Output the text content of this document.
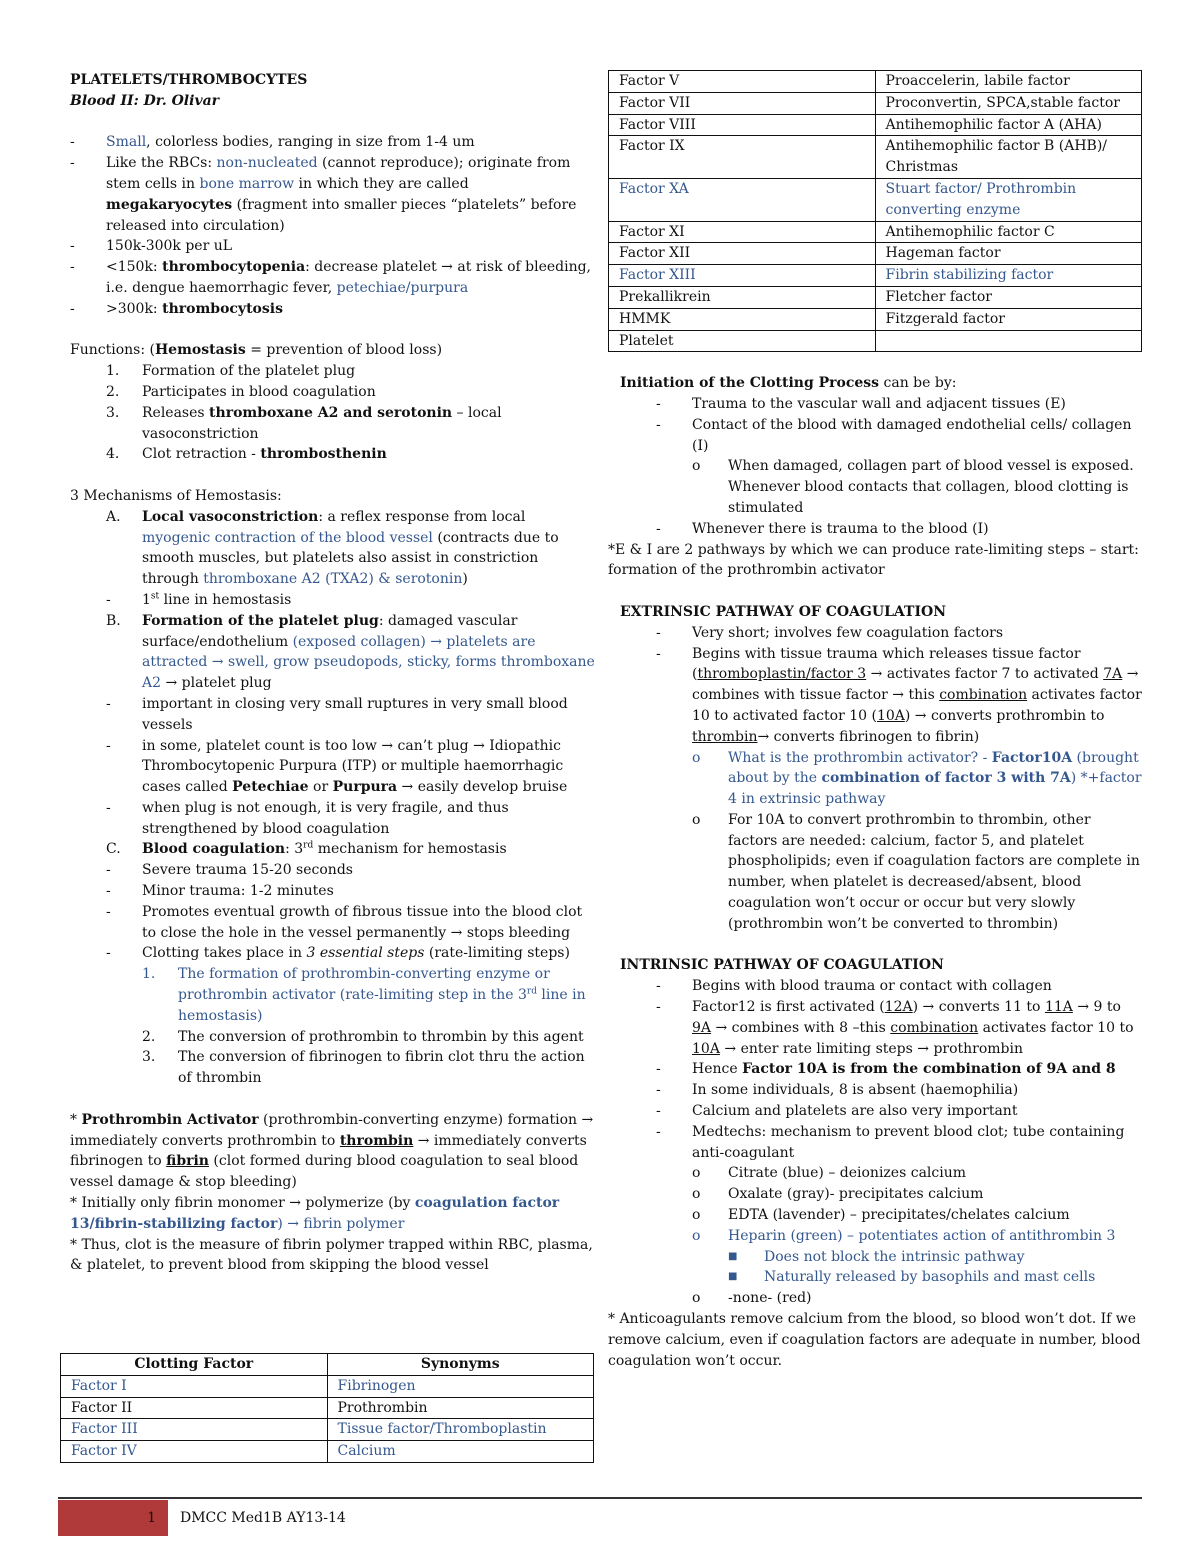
PLATELETS/THROMBOCYTES

Blood II: Dr. Olivar

-	Small, colorless bodies, ranging in size from 1-4 um
-	Like the RBCs: non-nucleated (cannot reproduce); originate from stem cells in bone marrow in which they are called megakaryocytes (fragment into smaller pieces “platelets” before released into circulation)
-	150k-300k per uL
-	<150k: thrombocytopenia: decrease platelet → at risk of bleeding, i.e. dengue haemorrhagic fever, petechiae/purpura
-	>300k: thrombocytosis

Functions: (Hemostasis = prevention of blood loss)

1.	Formation of the platelet plug
2.	Participates in blood coagulation
3.	Releases thromboxane A2 and serotonin – local vasoconstriction
4.	Clot retraction - thrombosthenin

3 Mechanisms of Hemostasis:

A.	Local vasoconstriction: a reflex response from local myogenic contraction of the blood vessel (contracts due to smooth muscles, but platelets also assist in constriction through thromboxane A2 (TXA2) & serotonin)
-	1st line in hemostasis
B.	Formation of the platelet plug: damaged vascular surface/endothelium (exposed collagen) → platelets are attracted → swell, grow pseudopods, sticky, forms thromboxane A2 → platelet plug
-	important in closing very small ruptures in very small blood vessels
-	in some, platelet count is too low → can’t plug → Idiopathic Thrombocytopenic Purpura (ITP) or multiple haemorrhagic cases called Petechiae or Purpura → easily develop bruise
-	when plug is not enough, it is very fragile, and thus strengthened by blood coagulation
C.	Blood coagulation: 3rd mechanism for hemostasis
-	Severe trauma 15-20 seconds
-	Minor trauma: 1-2 minutes
-	Promotes eventual growth of fibrous tissue into the blood clot to close the hole in the vessel permanently → stops bleeding
-	Clotting takes place in 3 essential steps (rate-limiting steps)
1.	The formation of prothrombin-converting enzyme or prothrombin activator (rate-limiting step in the 3rd line in hemostasis)
2.	The conversion of prothrombin to thrombin by this agent
3.	The conversion of fibrinogen to fibrin clot thru the action of thrombin

* Prothrombin Activator (prothrombin-converting enzyme) formation → immediately converts prothrombin to thrombin → immediately converts fibrinogen to fibrin (clot formed during blood coagulation to seal blood vessel damage & stop bleeding)

* Initially only fibrin monomer → polymerize (by coagulation factor 13/fibrin-stabilizing factor) → fibrin polymer

* Thus, clot is the measure of fibrin polymer trapped within RBC, plasma, & platelet, to prevent blood from skipping the blood vessel

Clotting Factor	Synonyms
Factor I	Fibrinogen
Factor II	Prothrombin
Factor III	Tissue factor/Thromboplastin
Factor IV	Calcium
Factor V	Proaccelerin, labile factor
Factor VII	Proconvertin, SPCA,stable factor
Factor VIII	Antihemophilic factor A (AHA)
Factor IX	Antihemophilic factor B (AHB)/ Christmas
Factor XA	Stuart factor/ Prothrombin converting enzyme
Factor XI	Antihemophilic factor C
Factor XII	Hageman factor
Factor XIII	Fibrin stabilizing factor
Prekallikrein	Fletcher factor
HMMK	Fitzgerald factor
Platelet	

Initiation of the Clotting Process can be by:

-	Trauma to the vascular wall and adjacent tissues (E)
-	Contact of the blood with damaged endothelial cells/ collagen (I)
o	When damaged, collagen part of blood vessel is exposed. Whenever blood contacts that collagen, blood clotting is stimulated
-	Whenever there is trauma to the blood (I)

*E & I are 2 pathways by which we can produce rate-limiting steps – start: formation of the prothrombin activator

EXTRINSIC PATHWAY OF COAGULATION

-	Very short; involves few coagulation factors
-	Begins with tissue trauma which releases tissue factor (thromboplastin/factor 3 → activates factor 7 to activated 7A → combines with tissue factor → this combination activates factor 10 to activated factor 10 (10A) → converts prothrombin to thrombin→ converts fibrinogen to fibrin)
o	What is the prothrombin activator? - Factor10A (brought about by the combination of factor 3 with 7A) *+factor 4 in extrinsic pathway
o	For 10A to convert prothrombin to thrombin, other factors are needed: calcium, factor 5, and platelet phospholipids; even if coagulation factors are complete in number, when platelet is decreased/absent, blood coagulation won’t occur or occur but very slowly (prothrombin won’t be converted to thrombin)

INTRINSIC PATHWAY OF COAGULATION

-	Begins with blood trauma or contact with collagen
-	Factor12 is first activated (12A) → converts 11 to 11A → 9 to 9A → combines with 8 –this combination activates factor 10 to 10A → enter rate limiting steps → prothrombin
-	Hence Factor 10A is from the combination of 9A and 8
-	In some individuals, 8 is absent (haemophilia)
-	Calcium and platelets are also very important
-	Medtechs: mechanism to prevent blood clot; tube containing anti-coagulant
o	Citrate (blue) – deionizes calcium
o	Oxalate (gray)- precipitates calcium
o	EDTA (lavender) – precipitates/chelates calcium
o	Heparin (green) – potentiates action of antithrombin 3
■	Does not block the intrinsic pathway
■	Naturally released by basophils and mast cells
o	-none- (red)

* Anticoagulants remove calcium from the blood, so blood won’t dot. If we remove calcium, even if coagulation factors are adequate in number, blood coagulation won’t occur.

1	DMCC Med1B AY13-14
